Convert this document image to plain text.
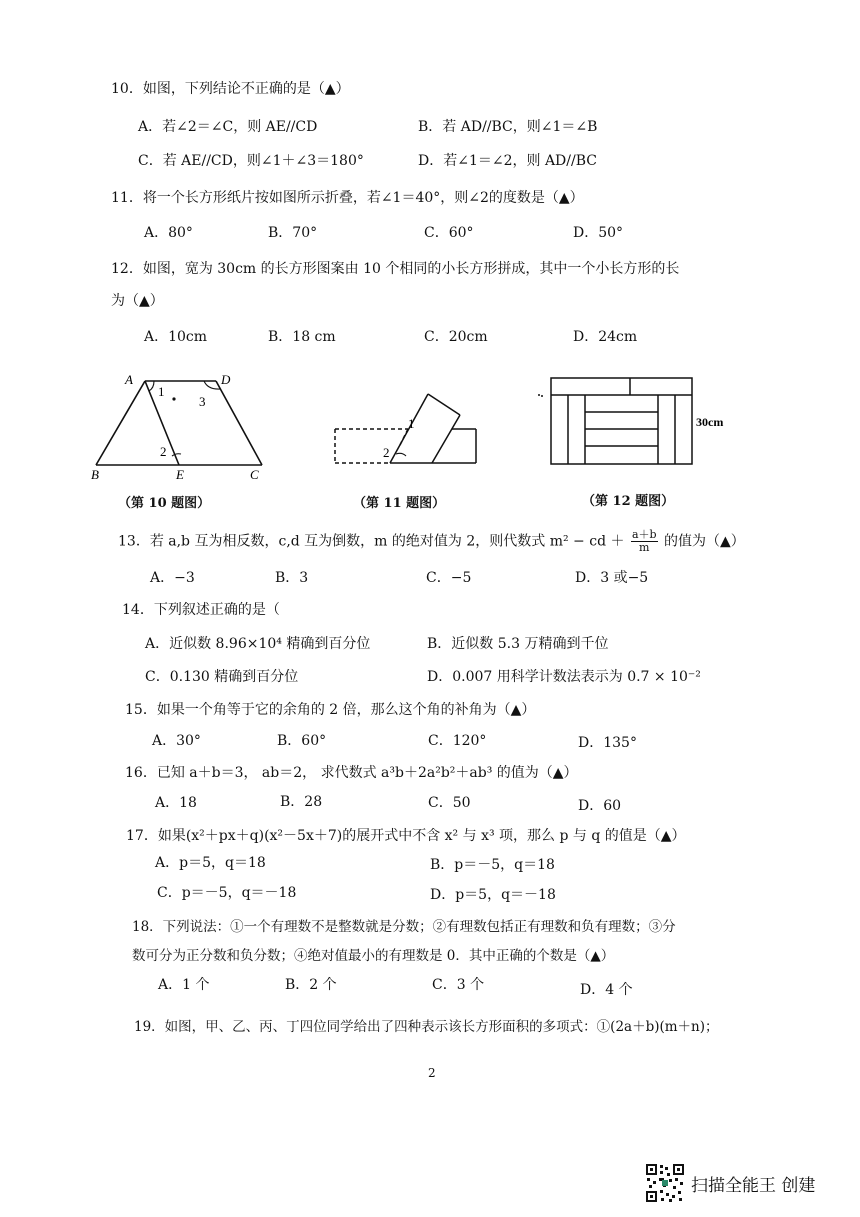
10．如图，下列结论不正确的是（▲）
A．若∠2＝∠C，则 AE//CD	B．若 AD//BC，则∠1＝∠B
C．若 AE//CD，则∠1＋∠3＝180°	D．若∠1＝∠2，则 AD//BC
11．将一个长方形纸片按如图所示折叠，若∠1＝40°，则∠2的度数是（▲）
A．80°	B．70°	C．60°	D．50°
12．如图，宽为 30cm 的长方形图案由 10 个相同的小长方形拼成，其中一个小长方形的长
为（▲）
A．10cm	B．18 cm	C．20cm	D．24cm
A	D
B	E	C
1
2
3
（第 10 题图）
1
2
（第 11 题图）
30cm
（第 12 题图）
13．若 a,b 互为相反数，c,d 互为倒数，m 的绝对值为 2，则代数式 m² − cd ＋ $\frac{a+b}{m}$ 的值为（▲）
A．−3	B．3	C．−5	D．3 或−5
14．下列叙述正确的是（
A．近似数 8.96×10⁴ 精确到百分位	B．近似数 5.3 万精确到千位
C．0.130 精确到百分位	D．0.007 用科学计数法表示为 0.7 × 10⁻²
15．如果一个角等于它的余角的 2 倍，那么这个角的补角为（▲）
A．30°	B．60°	C．120°	D．135°
16．已知 a＋b＝3， ab＝2， 求代数式 a³b＋2a²b²＋ab³ 的值为（▲）
A．18	B．28	C．50	D．60
17．如果(x²＋px＋q)(x²－5x＋7)的展开式中不含 x² 与 x³ 项，那么 p 与 q 的值是（▲）
A．p＝5，q＝18	B．p＝－5，q＝18
C．p＝－5，q＝－18	D．p＝5，q＝－18
18．下列说法：①一个有理数不是整数就是分数；②有理数包括正有理数和负有理数；③分
数可分为正分数和负分数；④绝对值最小的有理数是 0．其中正确的个数是（▲）
A．1 个	B．2 个	C．3 个	D．4 个
19．如图，甲、乙、丙、丁四位同学给出了四种表示该长方形面积的多项式：①(2a＋b)(m＋n)；
2
扫描全能王 创建
